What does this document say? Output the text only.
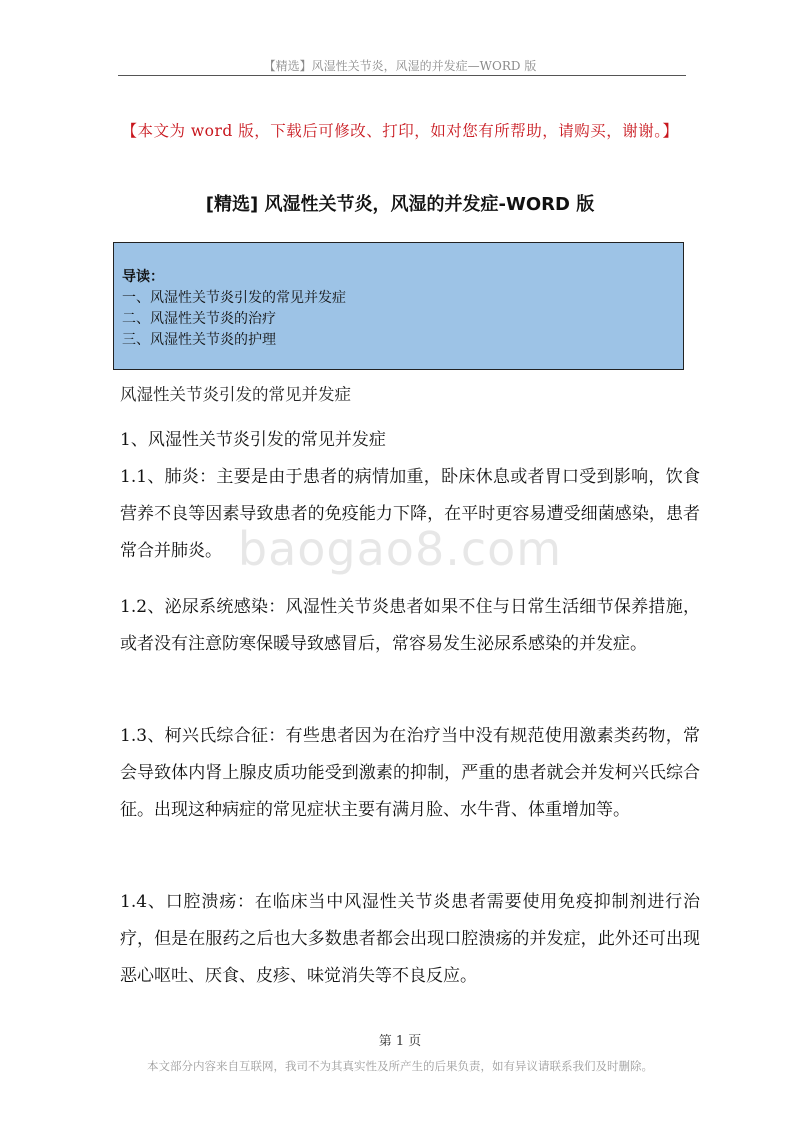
【精选】风湿性关节炎，风湿的并发症—WORD 版
【本文为 word 版，下载后可修改、打印，如对您有所帮助，请购买，谢谢。】
[精选] 风湿性关节炎，风湿的并发症-WORD 版
导读：
一、风湿性关节炎引发的常见并发症
二、风湿性关节炎的治疗
三、风湿性关节炎的护理
风湿性关节炎引发的常见并发症
1、风湿性关节炎引发的常见并发症

1.1、肺炎：主要是由于患者的病情加重，卧床休息或者胃口受到影响，饮食营养不良等因素导致患者的免疫能力下降，在平时更容易遭受细菌感染，患者常合并肺炎。

1.2、泌尿系统感染：风湿性关节炎患者如果不住与日常生活细节保养措施，或者没有注意防寒保暖导致感冒后，常容易发生泌尿系感染的并发症。

1.3、柯兴氏综合征：有些患者因为在治疗当中没有规范使用激素类药物，常会导致体内肾上腺皮质功能受到激素的抑制，严重的患者就会并发柯兴氏综合征。出现这种病症的常见症状主要有满月脸、水牛背、体重增加等。

1.4、口腔溃疡：在临床当中风湿性关节炎患者需要使用免疫抑制剂进行治疗，但是在服药之后也大多数患者都会出现口腔溃疡的并发症，此外还可出现恶心呕吐、厌食、皮疹、味觉消失等不良反应。

baogao8.com
第 1 页
本文部分内容来自互联网，我司不为其真实性及所产生的后果负责，如有异议请联系我们及时删除。
